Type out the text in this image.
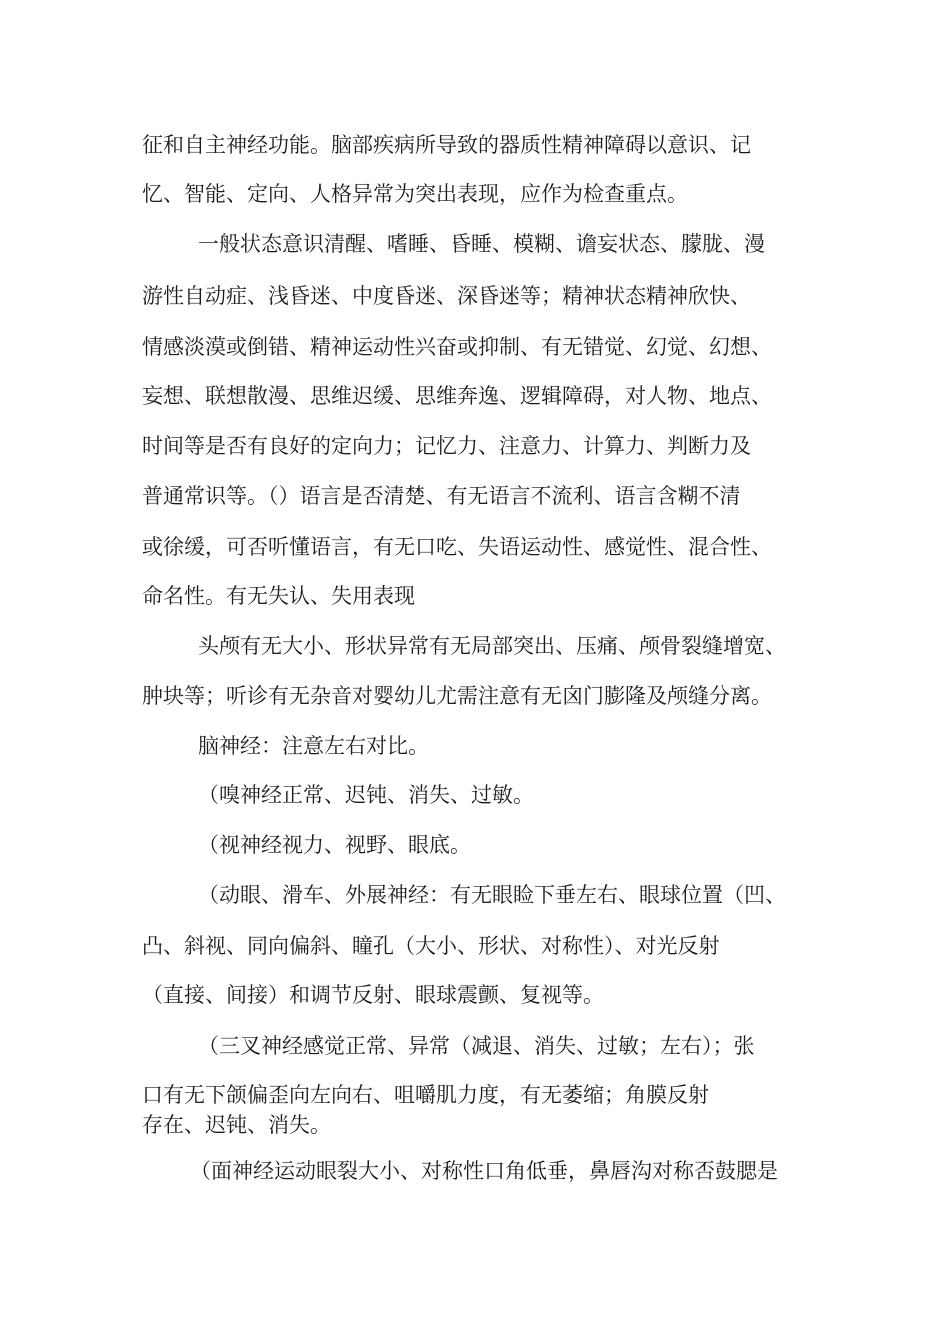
征和自主神经功能。脑部疾病所导致的器质性精神障碍以意识、记
忆、智能、定向、人格异常为突出表现，应作为检查重点。
一般状态意识清醒、嗜睡、昏睡、模糊、谵妄状态、朦胧、漫
游性自动症、浅昏迷、中度昏迷、深昏迷等；精神状态精神欣快、
情感淡漠或倒错、精神运动性兴奋或抑制、有无错觉、幻觉、幻想、
妄想、联想散漫、思维迟缓、思维奔逸、逻辑障碍，对人物、地点、
时间等是否有良好的定向力；记忆力、注意力、计算力、判断力及
普通常识等。（）语言是否清楚、有无语言不流利、语言含糊不清
或徐缓，可否听懂语言，有无口吃、失语运动性、感觉性、混合性、
命名性。有无失认、失用表现
头颅有无大小、形状异常有无局部突出、压痛、颅骨裂缝增宽、
肿块等；听诊有无杂音对婴幼儿尤需注意有无囟门膨隆及颅缝分离。
脑神经：注意左右对比。
（嗅神经正常、迟钝、消失、过敏。
（视神经视力、视野、眼底。
（动眼、滑车、外展神经：有无眼睑下垂左右、眼球位置（凹、
凸、斜视、同向偏斜、瞳孔（大小、形状、对称性）、对光反射
（直接、间接）和调节反射、眼球震颤、复视等。
（三叉神经感觉正常、异常（减退、消失、过敏；左右）；张
口有无下颌偏歪向左向右、咀嚼肌力度，有无萎缩；角膜反射
存在、迟钝、消失。
（面神经运动眼裂大小、对称性口角低垂，鼻唇沟对称否鼓腮是
